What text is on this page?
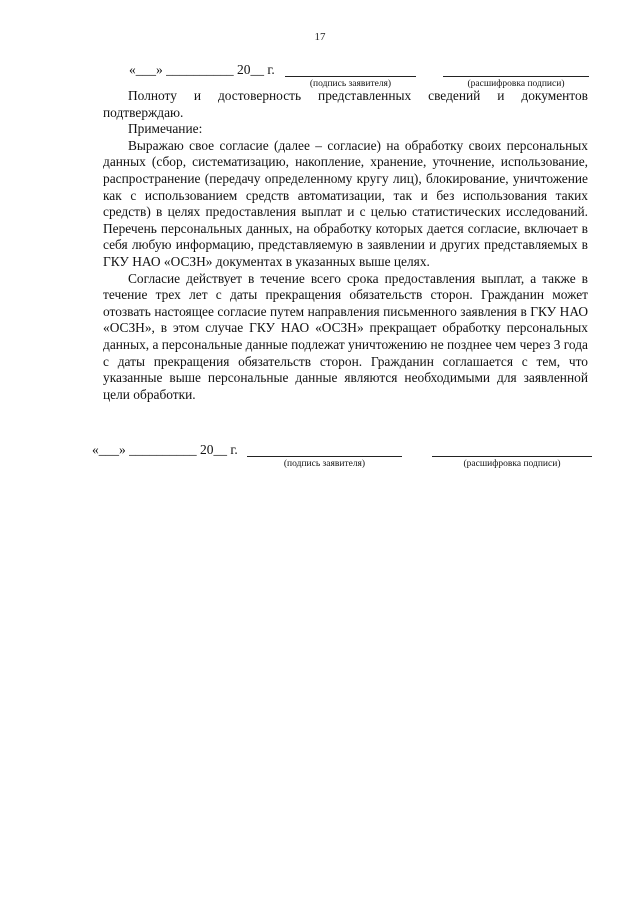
17
«___» __________ 20__ г.
(подпись заявителя)	(расшифровка подписи)

Полноту и достоверность представленных сведений и документов подтверждаю.

Примечание:

Выражаю свое согласие (далее – согласие) на обработку своих персональных данных (сбор, систематизацию, накопление, хранение, уточнение, использование, распространение (передачу определенному кругу лиц), блокирование, уничтожение как с использованием средств автоматизации, так и без использования таких средств) в целях предоставления выплат и с целью статистических исследований. Перечень персональных данных, на обработку которых дается согласие, включает в себя любую информацию, представляемую в заявлении и других представляемых в ГКУ НАО «ОСЗН» документах в указанных выше целях.

Согласие действует в течение всего срока предоставления выплат, а также в течение трех лет с даты прекращения обязательств сторон. Гражданин может отозвать настоящее согласие путем направления письменного заявления в ГКУ НАО «ОСЗН», в этом случае ГКУ НАО «ОСЗН» прекращает обработку персональных данных, а персональные данные подлежат уничтожению не позднее чем через 3 года с даты прекращения обязательств сторон. Гражданин соглашается с тем, что указанные выше персональные данные являются необходимыми для заявленной цели обработки.

«___» __________ 20__ г.
(подпись заявителя)	(расшифровка подписи)
